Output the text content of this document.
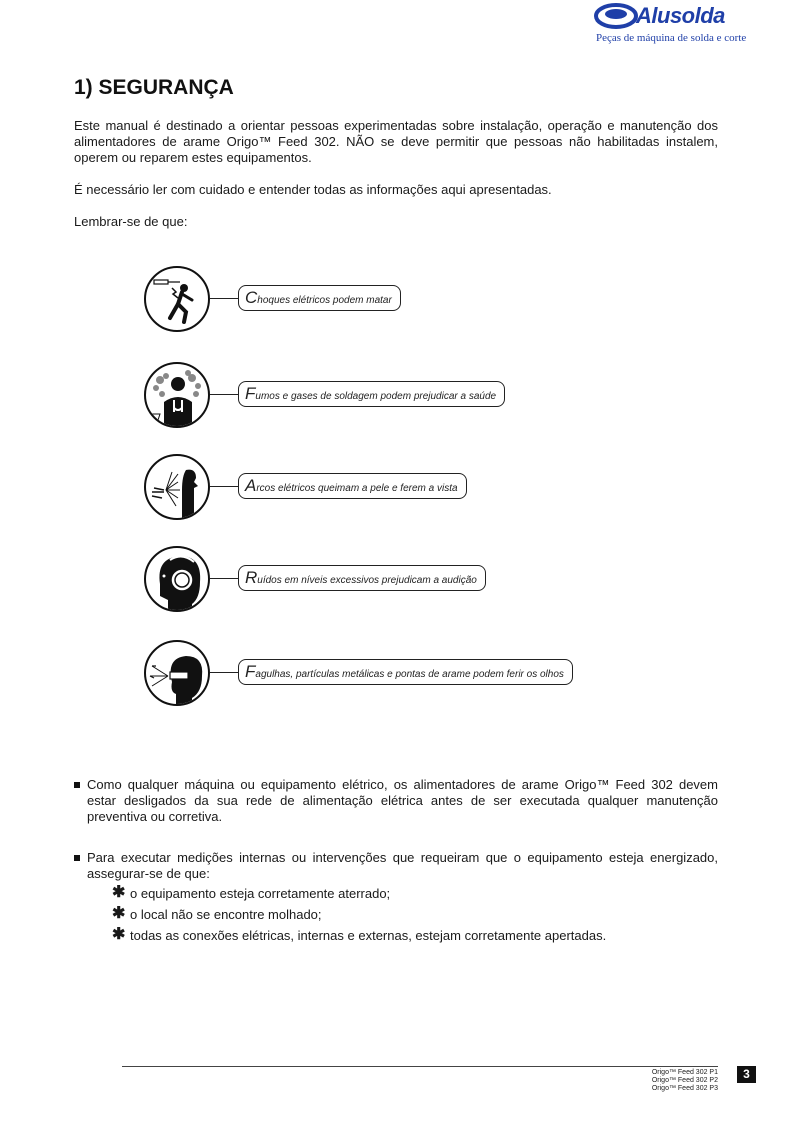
Alusolda
Peças de máquina de solda e corte
1) SEGURANÇA

Este manual é destinado a orientar pessoas experimentadas sobre instalação, operação e manutenção dos alimentadores de arame Origo™ Feed 302. NÃO se deve permitir que pessoas não habilitadas instalem, operem ou reparem estes equipamentos.

É necessário ler com cuidado e entender todas as informações aqui apresentadas.

Lembrar-se de que:

Choques elétricos podem matar
Fumos e gases de soldagem podem prejudicar a saúde
Arcos elétricos queimam a pele e ferem a vista
Ruídos em níveis excessivos prejudicam a audição
Fagulhas, partículas metálicas e pontas de arame podem ferir os olhos
Como qualquer máquina ou equipamento elétrico, os alimentadores de arame Origo™ Feed 302 devem estar desligados da sua rede de alimentação elétrica antes de ser executada qualquer manutenção preventiva ou corretiva.
Para executar medições internas ou intervenções que requeiram que o equipamento esteja energizado, assegurar-se de que:
✱ o equipamento esteja corretamente aterrado;
✱ o local não se encontre molhado;
✱ todas as conexões elétricas, internas e externas, estejam corretamente apertadas.
Origo™ Feed 302 P1
Origo™ Feed 302 P2
Origo™ Feed 302 P3
3
